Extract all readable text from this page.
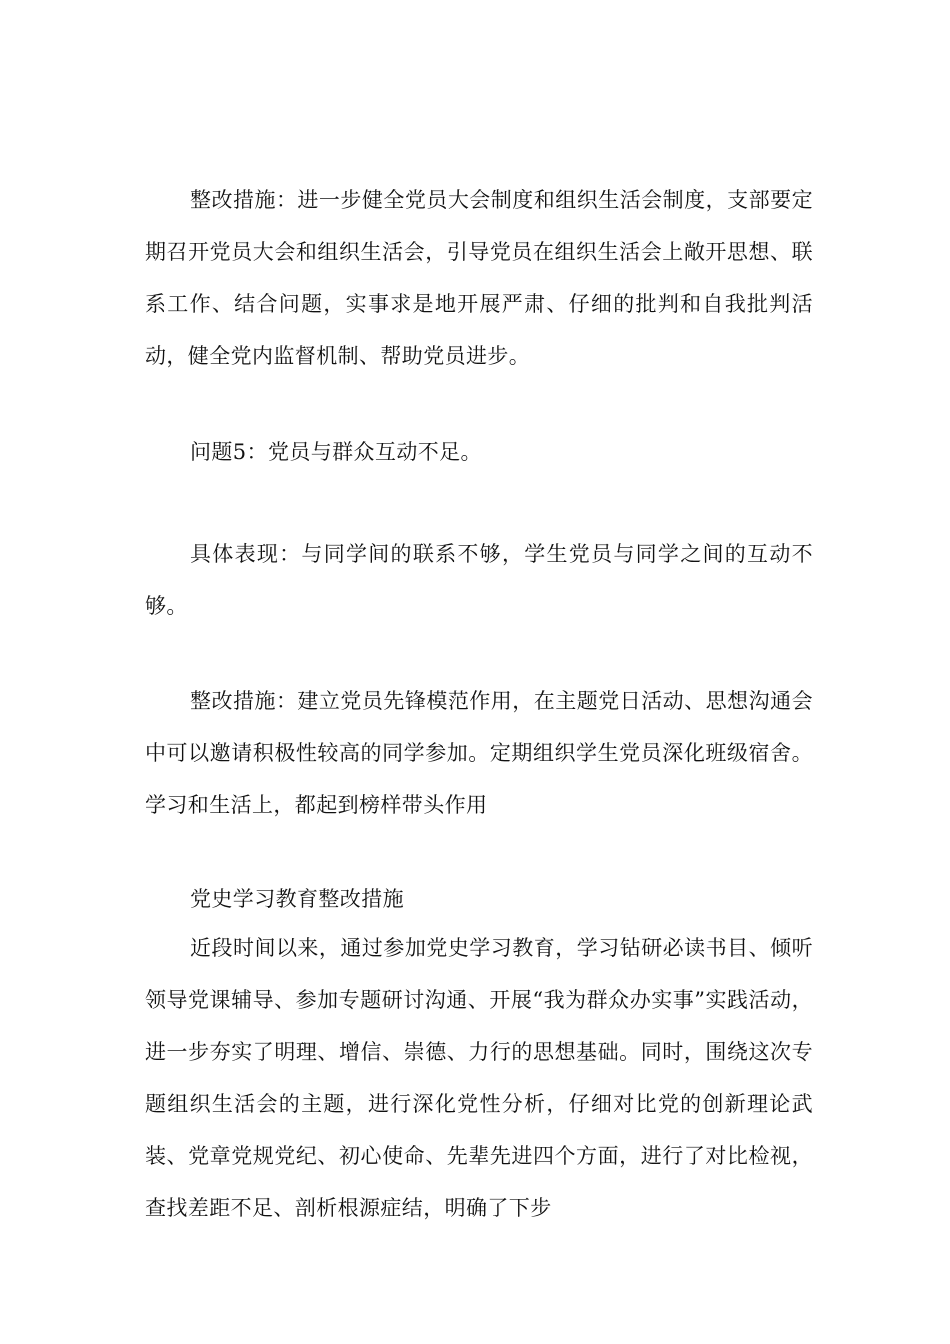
整改措施：进一步健全党员大会制度和组织生活会制度，支部要定期召开党员大会和组织生活会，引导党员在组织生活会上敞开思想、联系工作、结合问题，实事求是地开展严肃、仔细的批判和自我批判活动，健全党内监督机制、帮助党员进步。

问题5：党员与群众互动不足。

具体表现：与同学间的联系不够，学生党员与同学之间的互动不够。

整改措施：建立党员先锋模范作用，在主题党日活动、思想沟通会中可以邀请积极性较高的同学参加。定期组织学生党员深化班级宿舍。学习和生活上，都起到榜样带头作用

党史学习教育整改措施

近段时间以来，通过参加党史学习教育，学习钻研必读书目、倾听领导党课辅导、参加专题研讨沟通、开展“我为群众办实事”实践活动，进一步夯实了明理、增信、崇德、力行的思想基础。同时，围绕这次专题组织生活会的主题，进行深化党性分析，仔细对比党的创新理论武装、党章党规党纪、初心使命、先辈先进四个方面，进行了对比检视，查找差距不足、剖析根源症结，明确了下步
